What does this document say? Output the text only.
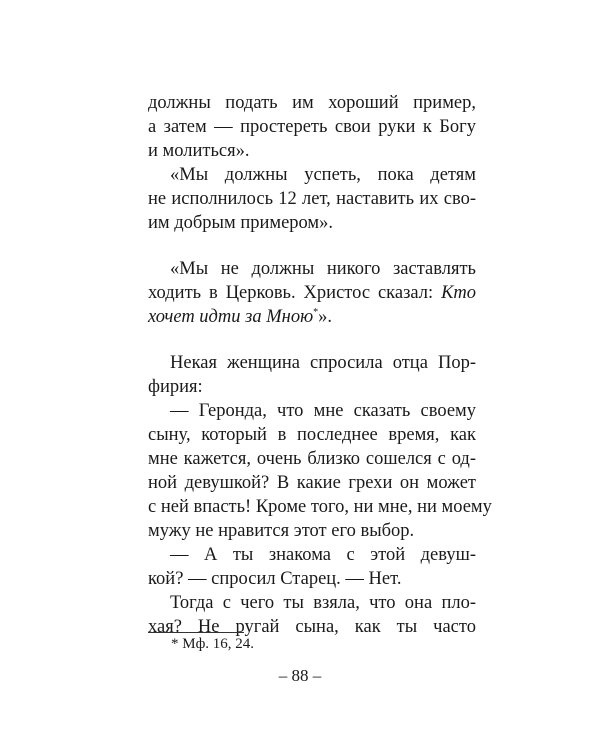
должны подать им хороший пример,
а затем — простереть свои руки к Богу
и молиться».
«Мы должны успеть, пока детям
не исполнилось 12 лет, наставить их сво-
им добрым примером».
«Мы не должны никого заставлять
ходить в Церковь. Христос сказал: Кто
хочет идти за Мною*».
Некая женщина спросила отца Пор-
фирия:
— Геронда, что мне сказать своему
сыну, который в последнее время, как
мне кажется, очень близко сошелся с од-
ной девушкой? В какие грехи он может
с ней впасть! Кроме того, ни мне, ни моему
мужу не нравится этот его выбор.
— А ты знакома с этой девуш-
кой? — спросил Старец. — Нет.
Тогда с чего ты взяла, что она пло-
хая? Не ругай сына, как ты часто
* Мф. 16, 24.
– 88 –
